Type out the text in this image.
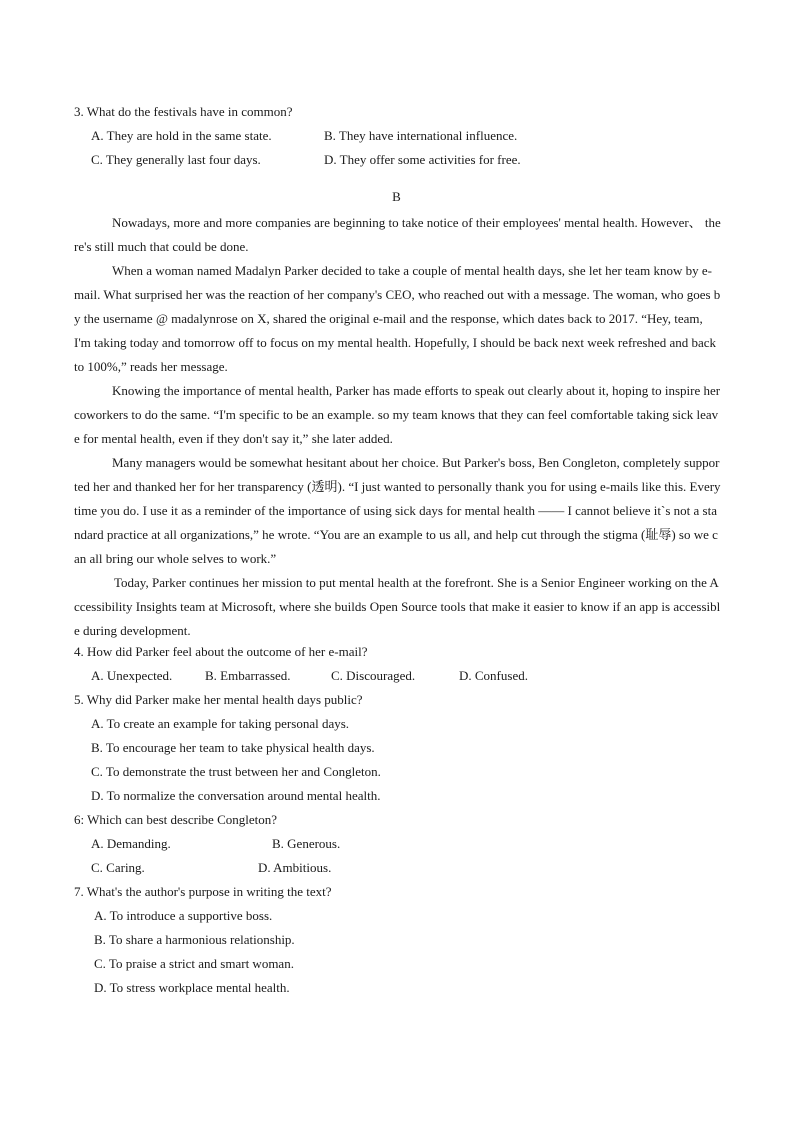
3. What do the festivals have in common?
A. They are hold in the same state.	B. They have international influence.
C. They generally last four days.	D. They offer some activities for free.
B

Nowadays, more and more companies are beginning to take notice of their employees' mental health. However、 there's still much that could be done.

When a woman named Madalyn Parker decided to take a couple of mental health days, she let her team know by e-mail. What surprised her was the reaction of her company's CEO, who reached out with a message. The woman, who goes by the username @ madalynrose on X, shared the original e-mail and the response, which dates back to 2017. “Hey, team, I'm taking today and tomorrow off to focus on my mental health. Hopefully, I should be back next week refreshed and back to 100%,” reads her message.

Knowing the importance of mental health, Parker has made efforts to speak out clearly about it, hoping to inspire her coworkers to do the same. “I'm specific to be an example. so my team knows that they can feel comfortable taking sick leave for mental health, even if they don't say it,” she later added.

Many managers would be somewhat hesitant about her choice. But Parker's boss, Ben Congleton, completely supported her and thanked her for her transparency (透明). “I just wanted to personally thank you for using e-mails like this. Every time you do. I use it as a reminder of the importance of using sick days for mental health —— I cannot believe it`s not a standard practice at all organizations,” he wrote. “You are an example to us all, and help cut through the stigma (耻辱) so we can all bring our whole selves to work.”

Today, Parker continues her mission to put mental health at the forefront. She is a Senior Engineer working on the Accessibility Insights team at Microsoft, where she builds Open Source tools that make it easier to know if an app is accessible during development.

4. How did Parker feel about the outcome of her e-mail?
A. Unexpected.	B. Embarrassed.	C. Discouraged.	D. Confused.
5. Why did Parker make her mental health days public?
A. To create an example for taking personal days.
B. To encourage her team to take physical health days.
C. To demonstrate the trust between her and Congleton.
D. To normalize the conversation around mental health.
6: Which can best describe Congleton?
A. Demanding.	B. Generous.
C. Caring.	D. Ambitious.
7. What's the author's purpose in writing the text?
A. To introduce a supportive boss.
B. To share a harmonious relationship.
C. To praise a strict and smart woman.
D. To stress workplace mental health.
